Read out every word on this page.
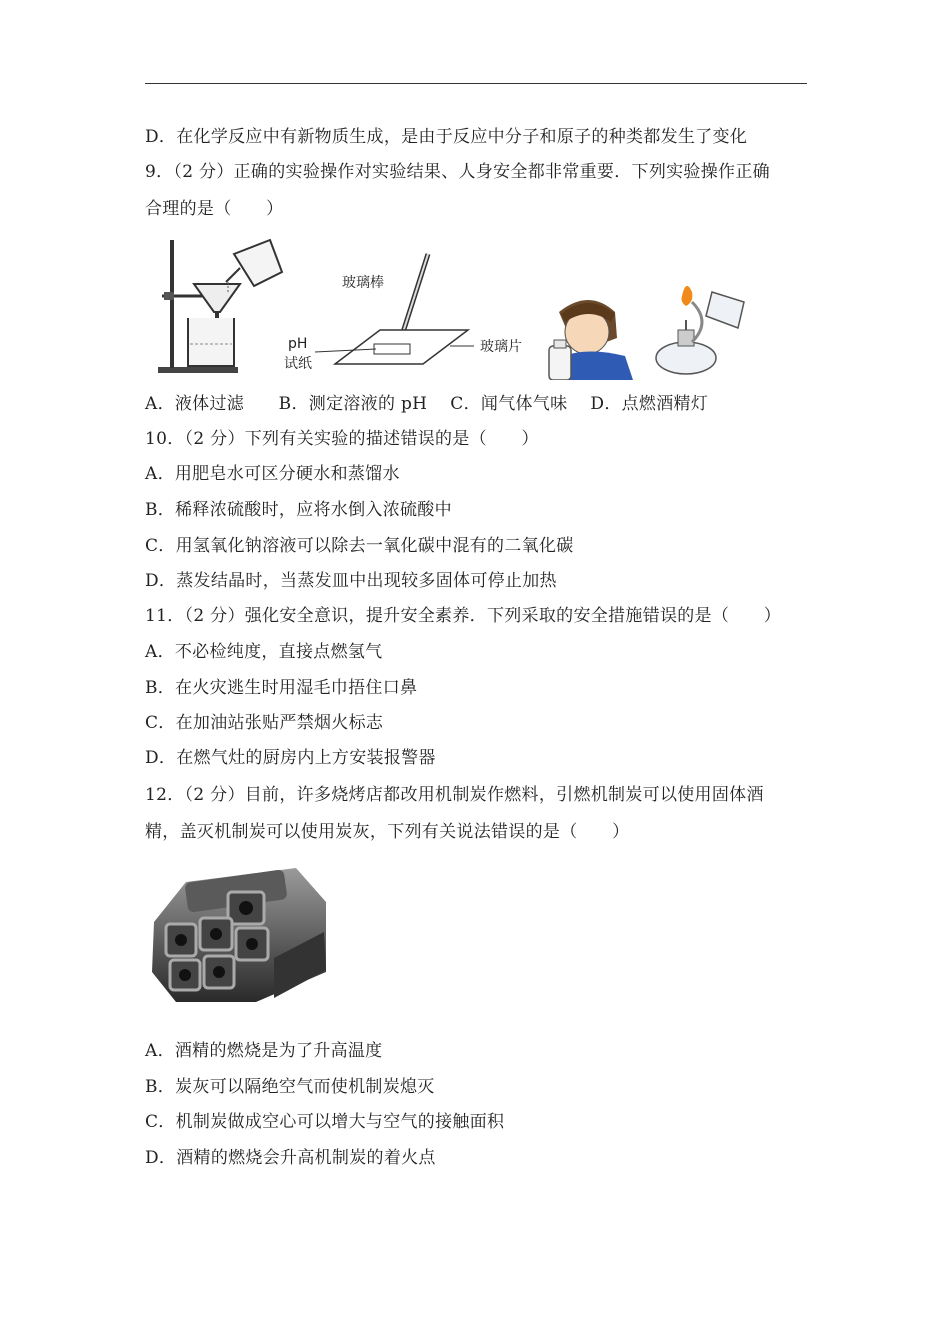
D．在化学反应中有新物质生成，是由于反应中分子和原子的种类都发生了变化
9．（2 分）正确的实验操作对实验结果、人身安全都非常重要．下列实验操作正确
合理的是（　　）
玻璃棒
pH
试纸
玻璃片
A．液体过滤　　B．测定溶液的 pH　 C．闻气体气味　 D．点燃酒精灯
10．（2 分）下列有关实验的描述错误的是（　　）
A．用肥皂水可区分硬水和蒸馏水
B．稀释浓硫酸时，应将水倒入浓硫酸中
C．用氢氧化钠溶液可以除去一氧化碳中混有的二氧化碳
D．蒸发结晶时，当蒸发皿中出现较多固体可停止加热
11．（2 分）强化安全意识，提升安全素养．下列采取的安全措施错误的是（　　）
A．不必检纯度，直接点燃氢气
B．在火灾逃生时用湿毛巾捂住口鼻
C．在加油站张贴严禁烟火标志
D．在燃气灶的厨房内上方安装报警器
12．（2 分）目前，许多烧烤店都改用机制炭作燃料，引燃机制炭可以使用固体酒
精，盖灭机制炭可以使用炭灰，下列有关说法错误的是（　　）
A．酒精的燃烧是为了升高温度
B．炭灰可以隔绝空气而使机制炭熄灭
C．机制炭做成空心可以增大与空气的接触面积
D．酒精的燃烧会升高机制炭的着火点
